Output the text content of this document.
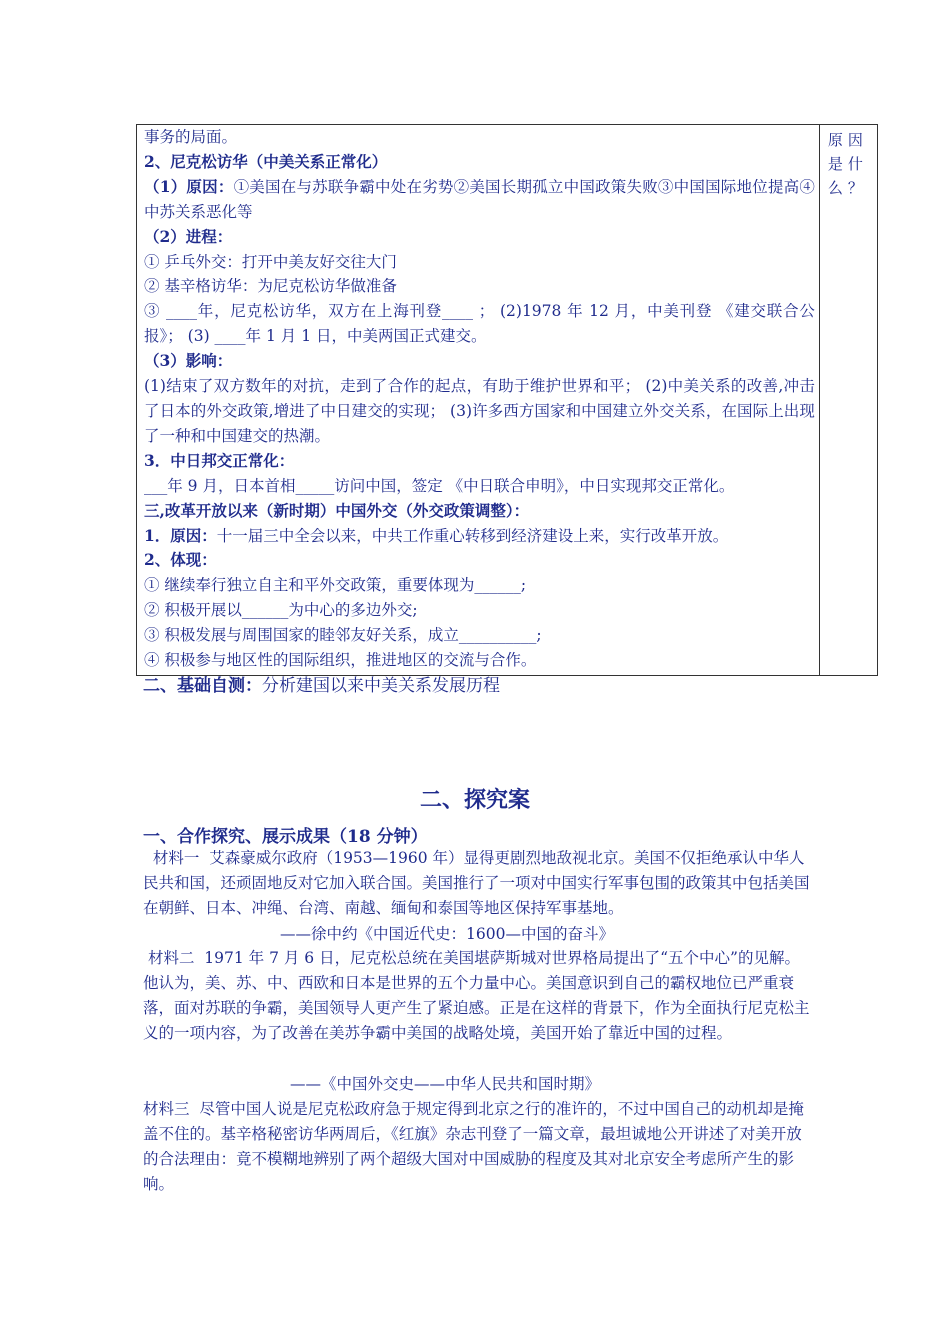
事务的局面。
2、尼克松访华（中美关系正常化）
（1）原因：①美国在与苏联争霸中处在劣势②美国长期孤立中国政策失败③中国国际地位提高④中苏关系恶化等
（2）进程：
① 乒乓外交：打开中美友好交往大门
② 基辛格访华：为尼克松访华做准备
③ ____年，尼克松访华，双方在上海刊登____ ； (2)1978 年 12 月，中美刊登 《建交联合公报》； (3) ____年 1 月 1 日，中美两国正式建交。
（3）影响：
(1)结束了双方数年的对抗，走到了合作的起点，有助于维护世界和平； (2)中美关系的改善,冲击了日本的外交政策,增进了中日建交的实现； (3)许多西方国家和中国建立外交关系，在国际上出现了一种和中国建交的热潮。
3．中日邦交正常化：
___年 9 月，日本首相_____访问中国，签定 《中日联合申明》，中日实现邦交正常化。
三,改革开放以来（新时期）中国外交（外交政策调整）：
1．原因：十一届三中全会以来，中共工作重心转移到经济建设上来，实行改革开放。
2、体现：
① 继续奉行独立自主和平外交政策，重要体现为______;
② 积极开展以______为中心的多边外交;
③ 积极发展与周围国家的睦邻友好关系，成立__________;
④ 积极参与地区性的国际组织，推进地区的交流与合作。

原因是什么？
二、基础自测：分析建国以来中美关系发展历程
二、探究案
一、合作探究、展示成果（18 分钟）
材料一  艾森豪威尔政府（1953—1960 年）显得更剧烈地敌视北京。美国不仅拒绝承认中华人民共和国，还顽固地反对它加入联合国。美国推行了一项对中国实行军事包围的政策其中包括美国在朝鲜、日本、冲绳、台湾、南越、缅甸和泰国等地区保持军事基地。
——徐中约《中国近代史：1600—中国的奋斗》
材料二  1971 年 7 月 6 日，尼克松总统在美国堪萨斯城对世界格局提出了“五个中心”的见解。他认为，美、苏、中、西欧和日本是世界的五个力量中心。美国意识到自己的霸权地位已严重衰落，面对苏联的争霸，美国领导人更产生了紧迫感。正是在这样的背景下，作为全面执行尼克松主义的一项内容，为了改善在美苏争霸中美国的战略处境，美国开始了靠近中国的过程。
——《中国外交史——中华人民共和国时期》
材料三  尽管中国人说是尼克松政府急于规定得到北京之行的准许的，不过中国自己的动机却是掩盖不住的。基辛格秘密访华两周后，《红旗》杂志刊登了一篇文章，最坦诚地公开讲述了对美开放的合法理由：竟不模糊地辨别了两个超级大国对中国威胁的程度及其对北京安全考虑所产生的影响。
